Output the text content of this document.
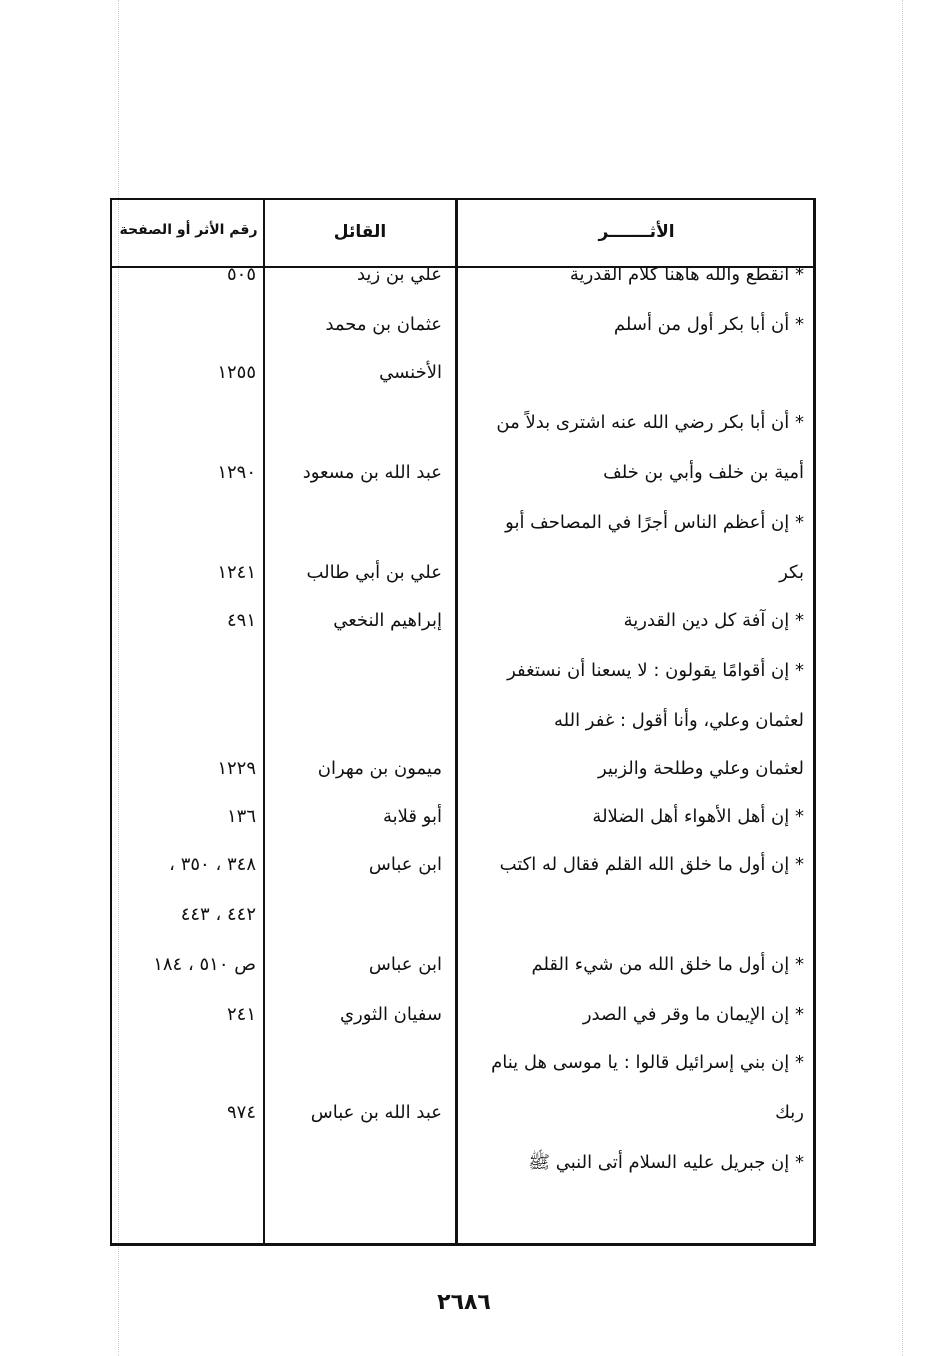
الأثـــــــر
القائل
رقم الأثر أو الصفحة
* انقطع والله هاهنا كلام القدرية
علي بن زيد
٥٠٥
* أن أبا بكر أول من أسلم
عثمان بن محمد
الأخنسي
١٢٥٥
* أن أبا بكر رضي الله عنه اشترى بدلاً من
أمية بن خلف وأبي بن خلف
عبد الله بن مسعود
١٢٩٠
* إن أعظم الناس أجرًا في المصاحف أبو
بكر
علي بن أبي طالب
١٢٤١
* إن آفة كل دين القدرية
إبراهيم النخعي
٤٩١
* إن أقوامًا يقولون : لا يسعنا أن نستغفر
لعثمان وعلي، وأنا أقول : غفر الله
لعثمان وعلي وطلحة والزبير
ميمون بن مهران
١٢٢٩
* إن أهل الأهواء أهل الضلالة
أبو قلابة
١٣٦
* إن أول ما خلق الله القلم فقال له اكتب
ابن عباس
٣٤٨ ، ٣٥٠ ،
٤٤٢ ، ٤٤٣
* إن أول ما خلق الله من شيء القلم
ابن عباس
ص ٥١٠ ، ١٨٤
* إن الإيمان ما وقر في الصدر
سفيان الثوري
٢٤١
* إن بني إسرائيل قالوا : يا موسى هل ينام
ربك
عبد الله بن عباس
٩٧٤
* إن جبريل عليه السلام أتى النبي ﷺ
٢٦٨٦
